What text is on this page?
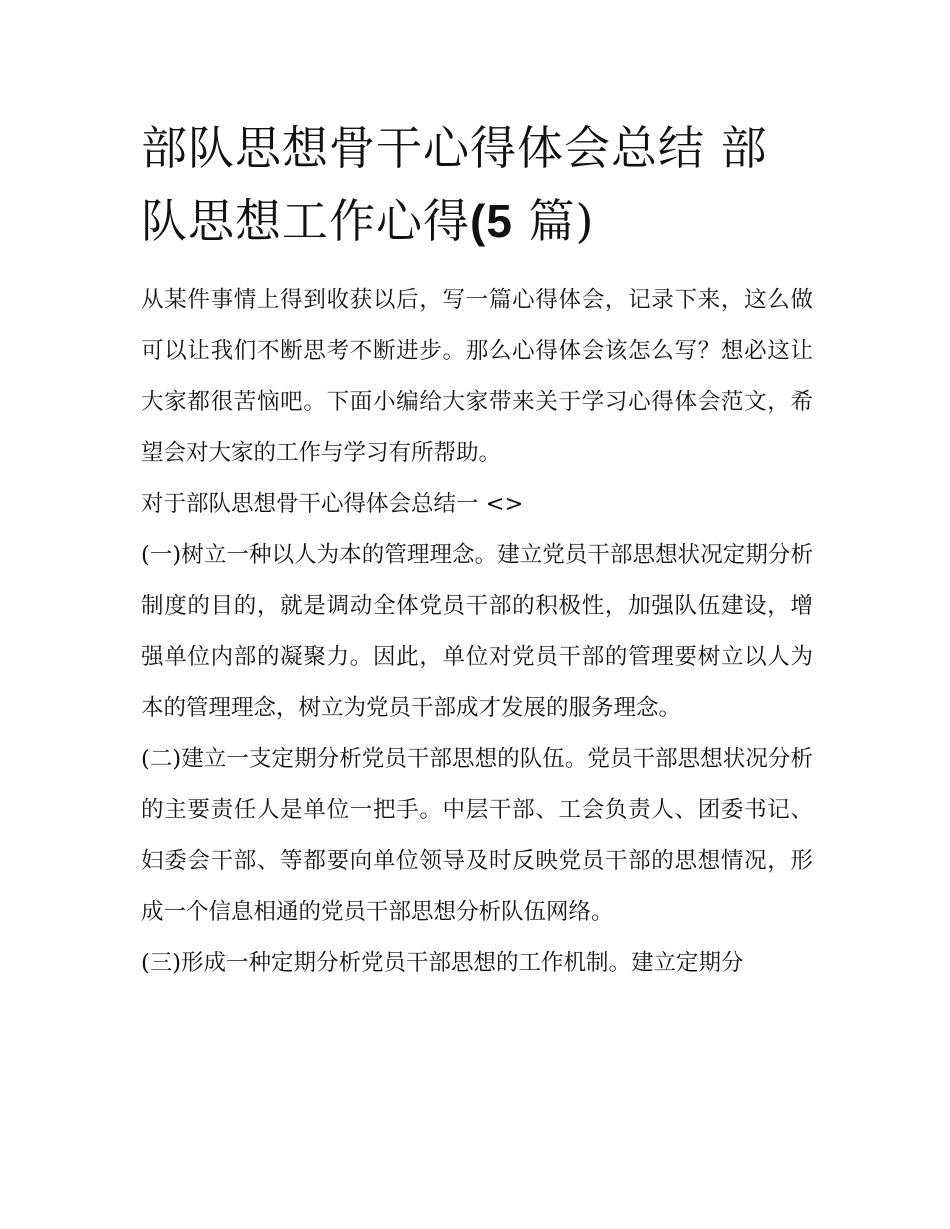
部队思想骨干心得体会总结 部队思想工作心得(5 篇)

从某件事情上得到收获以后，写一篇心得体会，记录下来，这么做可以让我们不断思考不断进步。那么心得体会该怎么写？想必这让大家都很苦恼吧。下面小编给大家带来关于学习心得体会范文，希望会对大家的工作与学习有所帮助。

对于部队思想骨干心得体会总结一 <>

(一)树立一种以人为本的管理理念。建立党员干部思想状况定期分析制度的目的，就是调动全体党员干部的积极性，加强队伍建设，增强单位内部的凝聚力。因此，单位对党员干部的管理要树立以人为本的管理理念，树立为党员干部成才发展的服务理念。

(二)建立一支定期分析党员干部思想的队伍。党员干部思想状况分析的主要责任人是单位一把手。中层干部、工会负责人、团委书记、妇委会干部、等都要向单位领导及时反映党员干部的思想情况，形成一个信息相通的党员干部思想分析队伍网络。

(三)形成一种定期分析党员干部思想的工作机制。建立定期分
